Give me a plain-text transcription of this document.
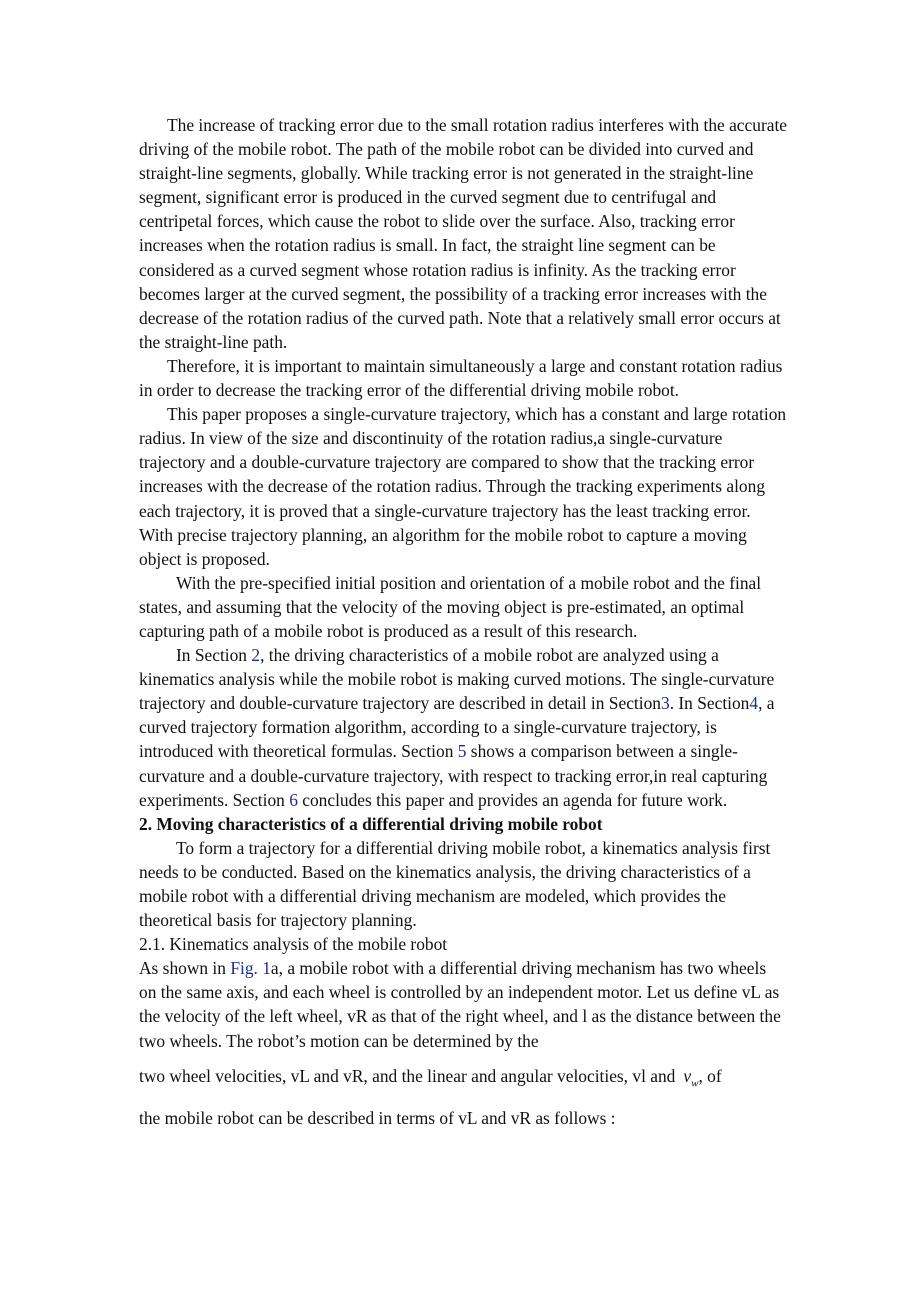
The increase of tracking error due to the small rotation radius interferes with the accurate driving of the mobile robot. The path of the mobile robot can be divided into curved and straight-line segments, globally. While tracking error is not generated in the straight-line segment, significant error is produced in the curved segment due to centrifugal and centripetal forces, which cause the robot to slide over the surface. Also, tracking error increases when the rotation radius is small. In fact, the straight line segment can be considered as a curved segment whose rotation radius is infinity. As the tracking error becomes larger at the curved segment, the possibility of a tracking error increases with the decrease of the rotation radius of the curved path. Note that a relatively small error occurs at the straight-line path.

Therefore, it is important to maintain simultaneously a large and constant rotation radius in order to decrease the tracking error of the differential driving mobile robot.

This paper proposes a single-curvature trajectory, which has a constant and large rotation radius. In view of the size and discontinuity of the rotation radius,a single-curvature trajectory and a double-curvature trajectory are compared to show that the tracking error increases with the decrease of the rotation radius. Through the tracking experiments along each trajectory, it is proved that a single-curvature trajectory has the least tracking error. With precise trajectory planning, an algorithm for the mobile robot to capture a moving object is proposed.

With the pre-specified initial position and orientation of a mobile robot and the final states, and assuming that the velocity of the moving object is pre-estimated, an optimal capturing path of a mobile robot is produced as a result of this research.

In Section 2, the driving characteristics of a mobile robot are analyzed using a kinematics analysis while the mobile robot is making curved motions. The single-curvature trajectory and double-curvature trajectory are described in detail in Section3. In Section4, a curved trajectory formation algorithm, according to a single-curvature trajectory, is introduced with theoretical formulas. Section 5 shows a comparison between a single-curvature and a double-curvature trajectory, with respect to tracking error,in real capturing experiments. Section 6 concludes this paper and provides an agenda for future work.

2. Moving characteristics of a differential driving mobile robot

To form a trajectory for a differential driving mobile robot, a kinematics analysis first needs to be conducted. Based on the kinematics analysis, the driving characteristics of a mobile robot with a differential driving mechanism are modeled, which provides the theoretical basis for trajectory planning.

2.1. Kinematics analysis of the mobile robot

As shown in Fig. 1a, a mobile robot with a differential driving mechanism has two wheels on the same axis, and each wheel is controlled by an independent motor. Let us define vL as the velocity of the left wheel, vR as that of the right wheel, and l as the distance between the two wheels. The robot’s motion can be determined by the

two wheel velocities, vL and vR, and the linear and angular velocities, vl and $v_w$, of

the mobile robot can be described in terms of vL and vR as follows :
